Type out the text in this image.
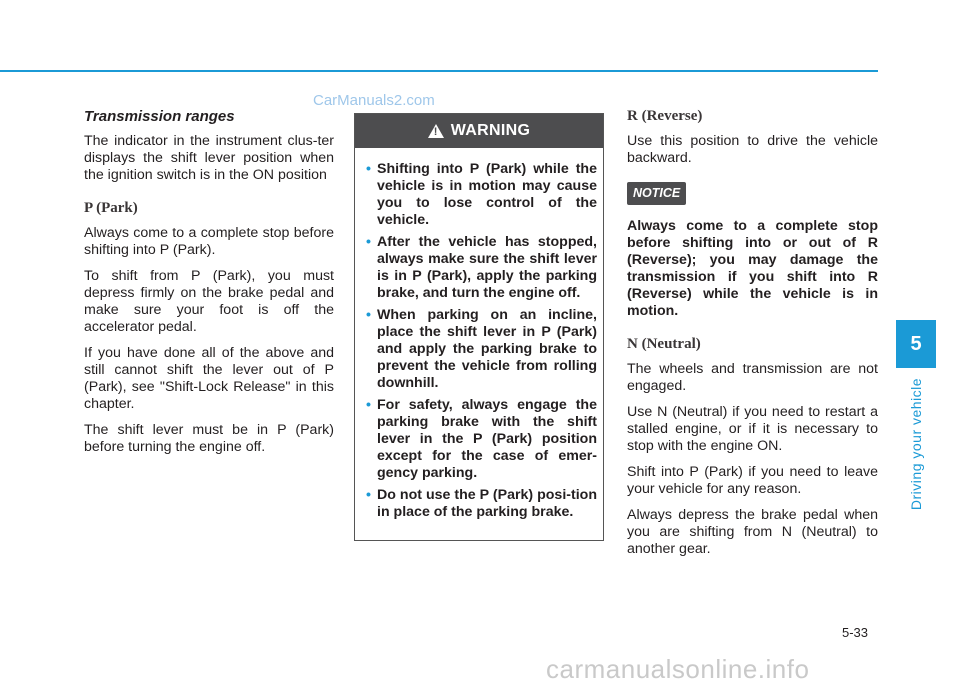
CarManuals2.com
Transmission ranges

The indicator in the instrument clus-ter displays the shift lever position when the ignition switch is in the ON position

P (Park)

Always come to a complete stop before shifting into P (Park).

To shift from P (Park), you must depress firmly on the brake pedal and make sure your foot is off the accelerator pedal.

If you have done all of the above and still cannot shift the lever out of P (Park), see "Shift-Lock Release" in this chapter.

The shift lever must be in P (Park) before turning the engine off.

! WARNING
• Shifting into P (Park) while the vehicle is in motion may cause you to lose control of the vehicle.
• After the vehicle has stopped, always make sure the shift lever is in P (Park), apply the parking brake, and turn the engine off.
• When parking on an incline, place the shift lever in P (Park) and apply the parking brake to prevent the vehicle from rolling downhill.
• For safety, always engage the parking brake with the shift lever in the P (Park) position except for the case of emer-gency parking.
• Do not use the P (Park) posi-tion in place of the parking brake.
R (Reverse)

Use this position to drive the vehicle backward.

NOTICE

Always come to a complete stop before shifting into or out of R (Reverse); you may damage the transmission if you shift into R (Reverse) while the vehicle is in motion.

N (Neutral)

The wheels and transmission are not engaged.

Use N (Neutral) if you need to restart a stalled engine, or if it is necessary to stop with the engine ON.

Shift into P (Park) if you need to leave your vehicle for any reason.

Always depress the brake pedal when you are shifting from N (Neutral) to another gear.

5
Driving your vehicle
5-33
carmanualsonline.info
